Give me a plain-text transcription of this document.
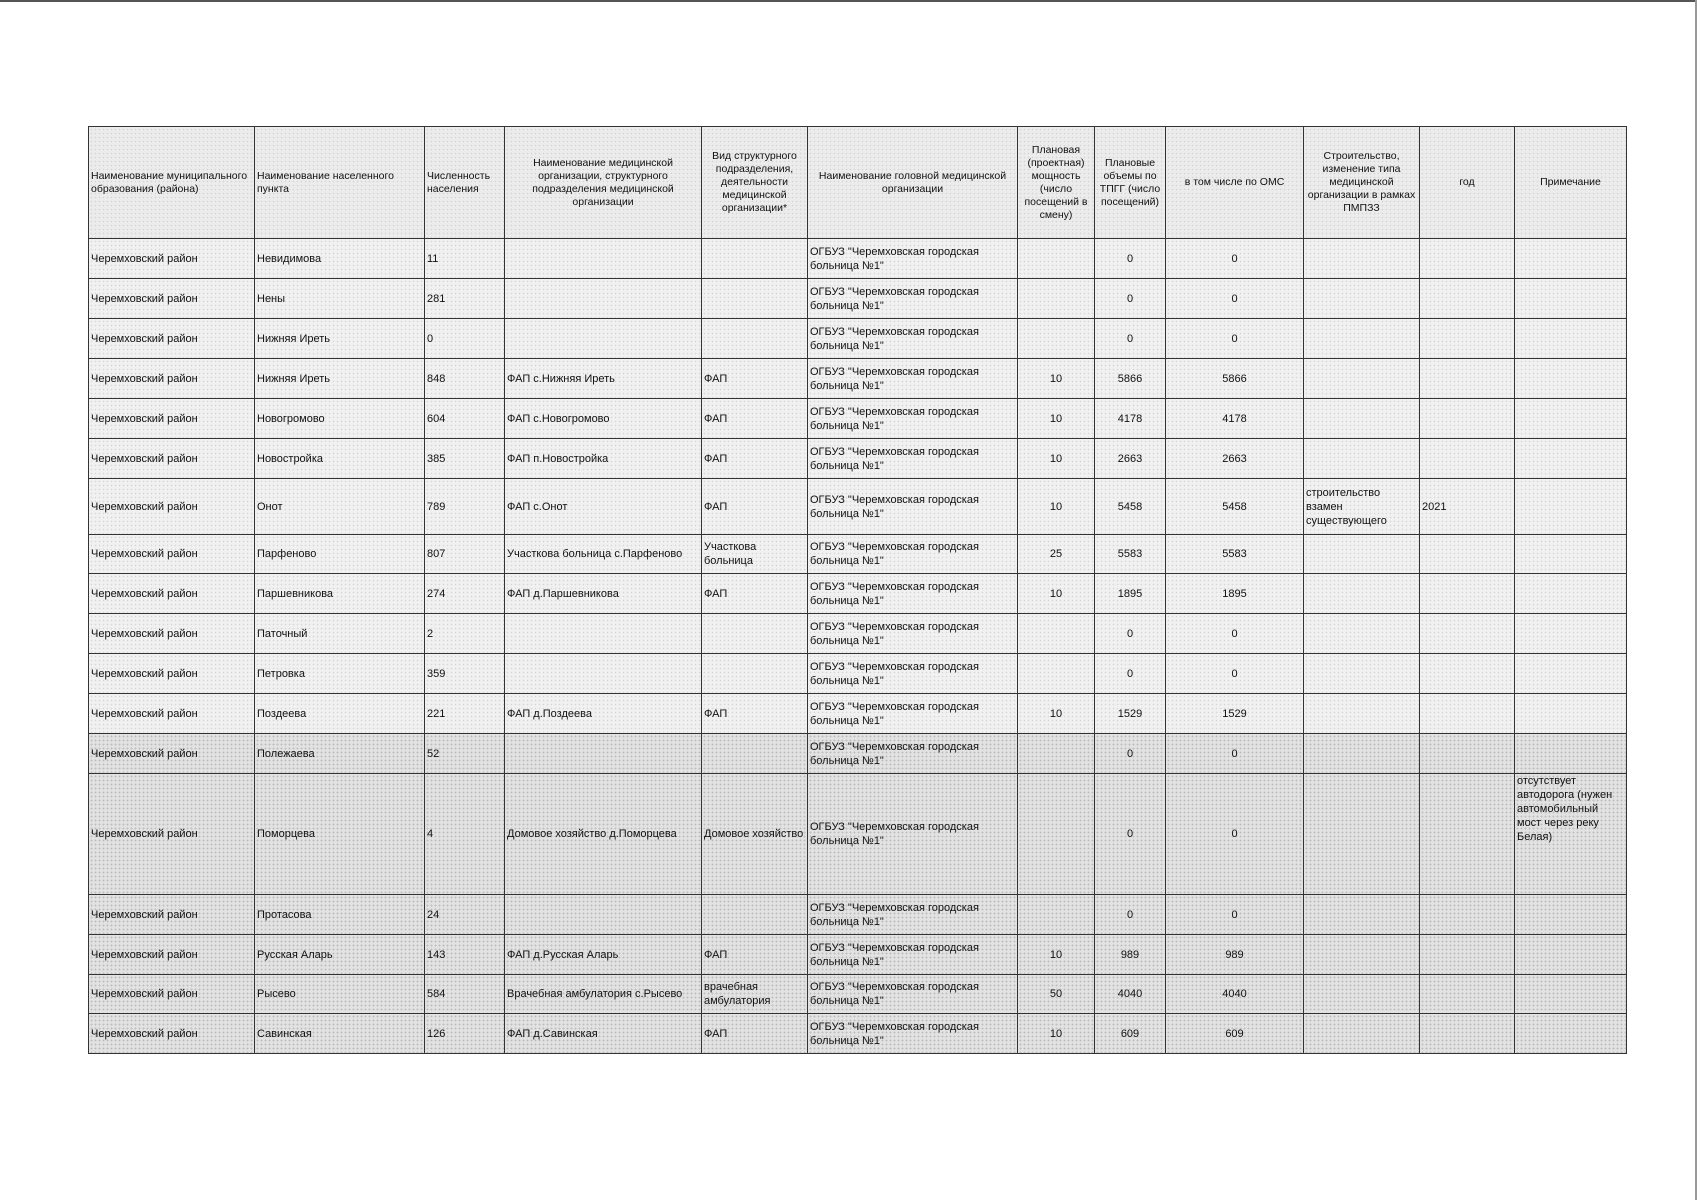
Наименование муниципального образования (района)	Наименование населенного пункта	Численность населения	Наименование медицинской организации, структурного подразделения медицинской организации	Вид структурного подразделения, деятельности медицинской организации*	Наименование головной медицинской организации	Плановая (проектная) мощность (число посещений в смену)	Плановые объемы по ТПГГ (число посещений)	в том числе по ОМС	Строительство, изменение типа медицинской организации в рамках ПМПЗЗ	год	Примечание
Черемховский район	Невидимова	11			ОГБУЗ "Черемховская городская больница №1"		0	0			
Черемховский район	Нены	281			ОГБУЗ "Черемховская городская больница №1"		0	0			
Черемховский район	Нижняя Иреть	0			ОГБУЗ "Черемховская городская больница №1"		0	0			
Черемховский район	Нижняя Иреть	848	ФАП с.Нижняя Иреть	ФАП	ОГБУЗ "Черемховская городская больница №1"	10	5866	5866			
Черемховский район	Новогромово	604	ФАП с.Новогромово	ФАП	ОГБУЗ "Черемховская городская больница №1"	10	4178	4178			
Черемховский район	Новостройка	385	ФАП п.Новостройка	ФАП	ОГБУЗ "Черемховская городская больница №1"	10	2663	2663			
Черемховский район	Онот	789	ФАП с.Онот	ФАП	ОГБУЗ "Черемховская городская больница №1"	10	5458	5458	строительство взамен существующего	2021	
Черемховский район	Парфеново	807	Участкова больница с.Парфеново	Участкова больница	ОГБУЗ "Черемховская городская больница №1"	25	5583	5583			
Черемховский район	Паршевникова	274	ФАП д.Паршевникова	ФАП	ОГБУЗ "Черемховская городская больница №1"	10	1895	1895			
Черемховский район	Паточный	2			ОГБУЗ "Черемховская городская больница №1"		0	0			
Черемховский район	Петровка	359			ОГБУЗ "Черемховская городская больница №1"		0	0			
Черемховский район	Поздеева	221	ФАП д.Поздеева	ФАП	ОГБУЗ "Черемховская городская больница №1"	10	1529	1529			
Черемховский район	Полежаева	52			ОГБУЗ "Черемховская городская больница №1"		0	0			
Черемховский район	Поморцева	4	Домовое хозяйство д.Поморцева	Домовое хозяйство	ОГБУЗ "Черемховская городская больница №1"		0	0			отсутствует автодорога (нужен автомобильный мост через реку Белая)
Черемховский район	Протасова	24			ОГБУЗ "Черемховская городская больница №1"		0	0			
Черемховский район	Русская Аларь	143	ФАП д.Русская Аларь	ФАП	ОГБУЗ "Черемховская городская больница №1"	10	989	989			
Черемховский район	Рысево	584	Врачебная амбулатория с.Рысево	врачебная амбулатория	ОГБУЗ "Черемховская городская больница №1"	50	4040	4040			
Черемховский район	Савинская	126	ФАП д.Савинская	ФАП	ОГБУЗ "Черемховская городская больница №1"	10	609	609			
